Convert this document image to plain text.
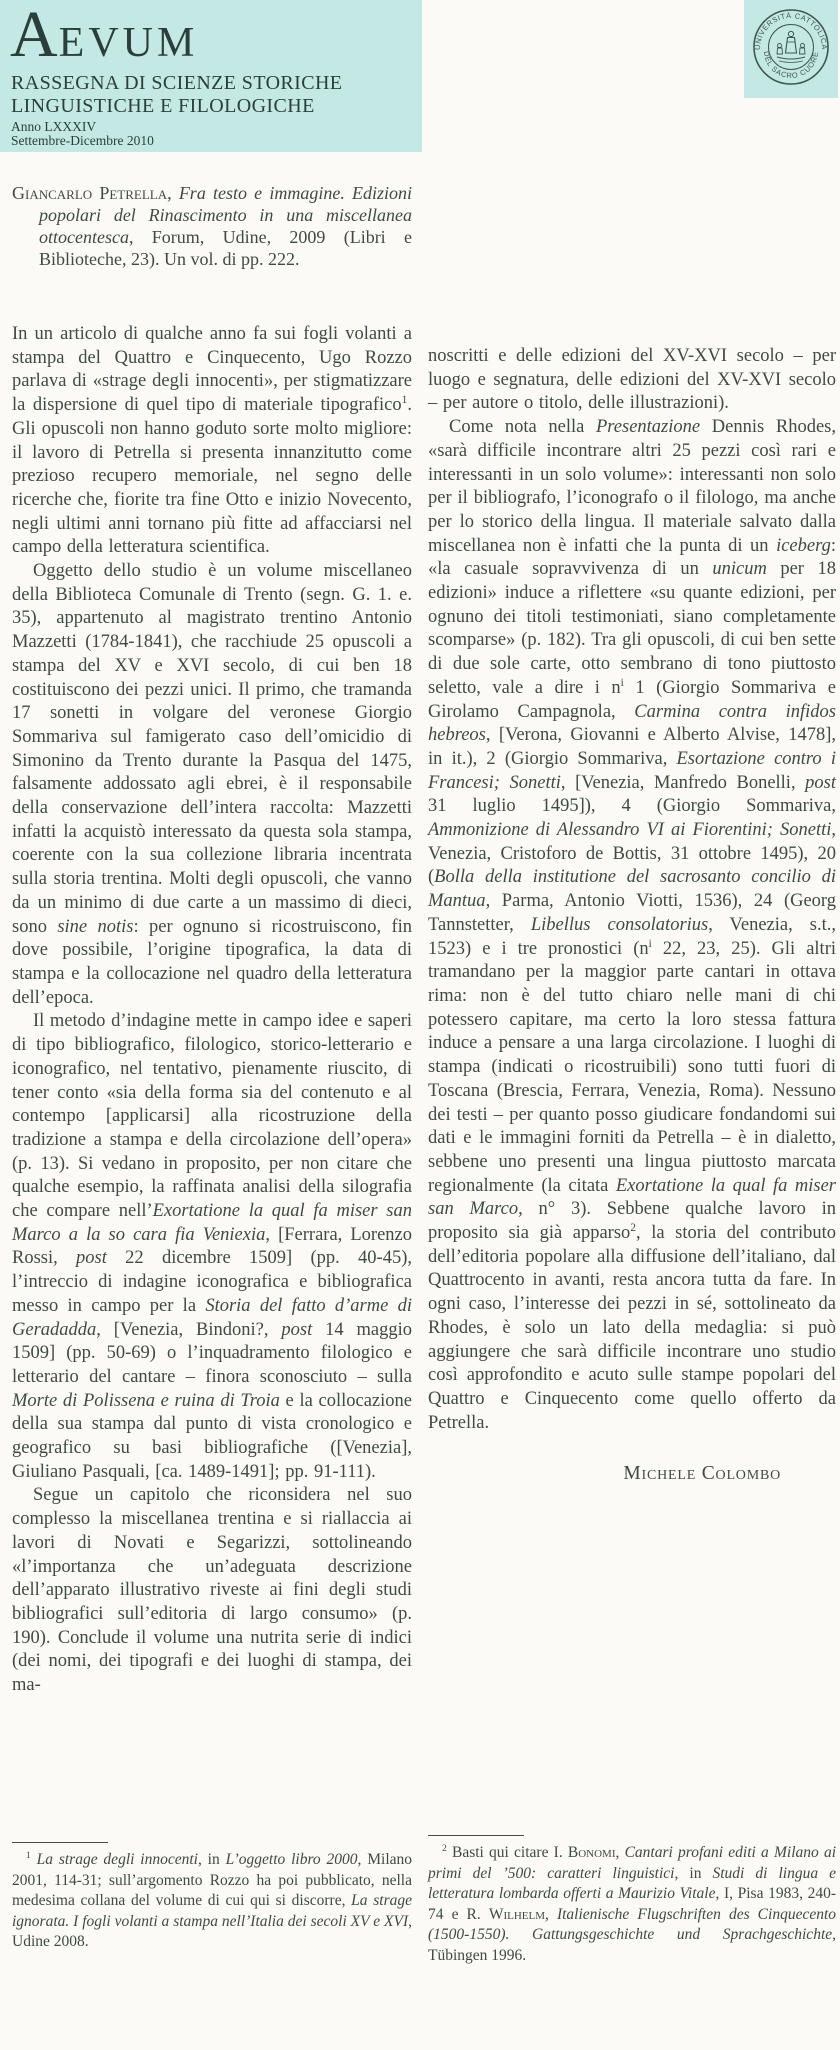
AEVUM
RASSEGNA DI SCIENZE STORICHE
LINGUISTICHE E FILOLOGICHE
Anno LXXXIV
Settembre-Dicembre 2010
UNIVERSITÀ CATTOLICA
DEL SACRO CUORE

Giancarlo Petrella, Fra testo e immagine. Edizioni popolari del Rinascimento in una miscellanea ottocentesca, Forum, Udine, 2009 (Libri e Biblioteche, 23). Un vol. di pp. 222.

In un articolo di qualche anno fa sui fogli volanti a stampa del Quattro e Cinquecento, Ugo Rozzo parlava di «strage degli innocenti», per stigmatizzare la dispersione di quel tipo di materiale tipografico$^1$. Gli opuscoli non hanno goduto sorte molto migliore: il lavoro di Petrella si presenta innanzitutto come prezioso recupero memoriale, nel segno delle ricerche che, fiorite tra fine Otto e inizio Novecento, negli ultimi anni tornano più fitte ad affacciarsi nel campo della letteratura scientifica.

Oggetto dello studio è un volume miscellaneo della Biblioteca Comunale di Trento (segn. G. 1. e. 35), appartenuto al magistrato trentino Antonio Mazzetti (1784-1841), che racchiude 25 opuscoli a stampa del XV e XVI secolo, di cui ben 18 costituiscono dei pezzi unici. Il primo, che tramanda 17 sonetti in volgare del veronese Giorgio Sommariva sul famigerato caso dell’omicidio di Simonino da Trento durante la Pasqua del 1475, falsamente addossato agli ebrei, è il responsabile della conservazione dell’intera raccolta: Mazzetti infatti la acquistò interessato da questa sola stampa, coerente con la sua collezione libraria incentrata sulla storia trentina. Molti degli opuscoli, che vanno da un minimo di due carte a un massimo di dieci, sono sine notis: per ognuno si ricostruiscono, fin dove possibile, l’origine tipografica, la data di stampa e la collocazione nel quadro della letteratura dell’epoca.

Il metodo d’indagine mette in campo idee e saperi di tipo bibliografico, filologico, storico-letterario e iconografico, nel tentativo, pienamente riuscito, di tener conto «sia della forma sia del contenuto e al contempo [applicarsi] alla ricostruzione della tradizione a stampa e della circolazione dell’opera» (p. 13). Si vedano in proposito, per non citare che qualche esempio, la raffinata analisi della silografia che compare nell’Exortatione la qual fa miser san Marco a la so cara fia Veniexia, [Ferrara, Lorenzo Rossi, post 22 dicembre 1509] (pp. 40-45), l’intreccio di indagine iconografica e bibliografica messo in campo per la Storia del fatto d’arme di Geradadda, [Venezia, Bindoni?, post 14 maggio 1509] (pp. 50-69) o l’inquadramento filologico e letterario del cantare – finora sconosciuto – sulla Morte di Polissena e ruina di Troia e la collocazione della sua stampa dal punto di vista cronologico e geografico su basi bibliografiche ([Venezia], Giuliano Pasquali, [ca. 1489-1491]; pp. 91-111).

Segue un capitolo che riconsidera nel suo complesso la miscellanea trentina e si riallaccia ai lavori di Novati e Segarizzi, sottolineando «l’importanza che un’adeguata descrizione dell’apparato illustrativo riveste ai fini degli studi bibliografici sull’editoria di largo consumo» (p. 190). Conclude il volume una nutrita serie di indici (dei nomi, dei tipografi e dei luoghi di stampa, dei ma-

noscritti e delle edizioni del XV-XVI secolo – per luogo e segnatura, delle edizioni del XV-XVI secolo – per autore o titolo, delle illustrazioni).

Come nota nella Presentazione Dennis Rhodes, «sarà difficile incontrare altri 25 pezzi così rari e interessanti in un solo volume»: interessanti non solo per il bibliografo, l’iconografo o il filologo, ma anche per lo storico della lingua. Il materiale salvato dalla miscellanea non è infatti che la punta di un iceberg: «la casuale sopravvivenza di un unicum per 18 edizioni» induce a riflettere «su quante edizioni, per ognuno dei titoli testimoniati, siano completamente scomparse» (p. 182). Tra gli opuscoli, di cui ben sette di due sole carte, otto sembrano di tono piuttosto seletto, vale a dire i $n^i$ 1 (Giorgio Sommariva e Girolamo Campagnola, Carmina contra infidos hebreos, [Verona, Giovanni e Alberto Alvise, 1478], in it.), 2 (Giorgio Sommariva, Esortazione contro i Francesi; Sonetti, [Venezia, Manfredo Bonelli, post 31 luglio 1495]), 4 (Giorgio Sommariva, Ammonizione di Alessandro VI ai Fiorentini; Sonetti, Venezia, Cristoforo de Bottis, 31 ottobre 1495), 20 (Bolla della institutione del sacrosanto concilio di Mantua, Parma, Antonio Viotti, 1536), 24 (Georg Tannstetter, Libellus consolatorius, Venezia, s.t., 1523) e i tre pronostici ($n^i$ 22, 23, 25). Gli altri tramandano per la maggior parte cantari in ottava rima: non è del tutto chiaro nelle mani di chi potessero capitare, ma certo la loro stessa fattura induce a pensare a una larga circolazione. I luoghi di stampa (indicati o ricostruibili) sono tutti fuori di Toscana (Brescia, Ferrara, Venezia, Roma). Nessuno dei testi – per quanto posso giudicare fondandomi sui dati e le immagini forniti da Petrella – è in dialetto, sebbene uno presenti una lingua piuttosto marcata regionalmente (la citata Exortatione la qual fa miser san Marco, n° 3). Sebbene qualche lavoro in proposito sia già apparso$^2$, la storia del contributo dell’editoria popolare alla diffusione dell’italiano, dal Quattrocento in avanti, resta ancora tutta da fare. In ogni caso, l’interesse dei pezzi in sé, sottolineato da Rhodes, è solo un lato della medaglia: si può aggiungere che sarà difficile incontrare uno studio così approfondito e acuto sulle stampe popolari del Quattro e Cinquecento come quello offerto da Petrella.

Michele Colombo
$^1$ La strage degli innocenti, in L’oggetto libro 2000, Milano 2001, 114-31; sull’argomento Rozzo ha poi pubblicato, nella medesima collana del volume di cui qui si discorre, La strage ignorata. I fogli volanti a stampa nell’Italia dei secoli XV e XVI, Udine 2008.
$^2$ Basti qui citare I. Bonomi, Cantari profani editi a Milano ai primi del ’500: caratteri linguistici, in Studi di lingua e letteratura lombarda offerti a Maurizio Vitale, I, Pisa 1983, 240-74 e R. Wilhelm, Italienische Flugschriften des Cinquecento (1500-1550). Gattungsgeschichte und Sprachgeschichte, Tübingen 1996.
